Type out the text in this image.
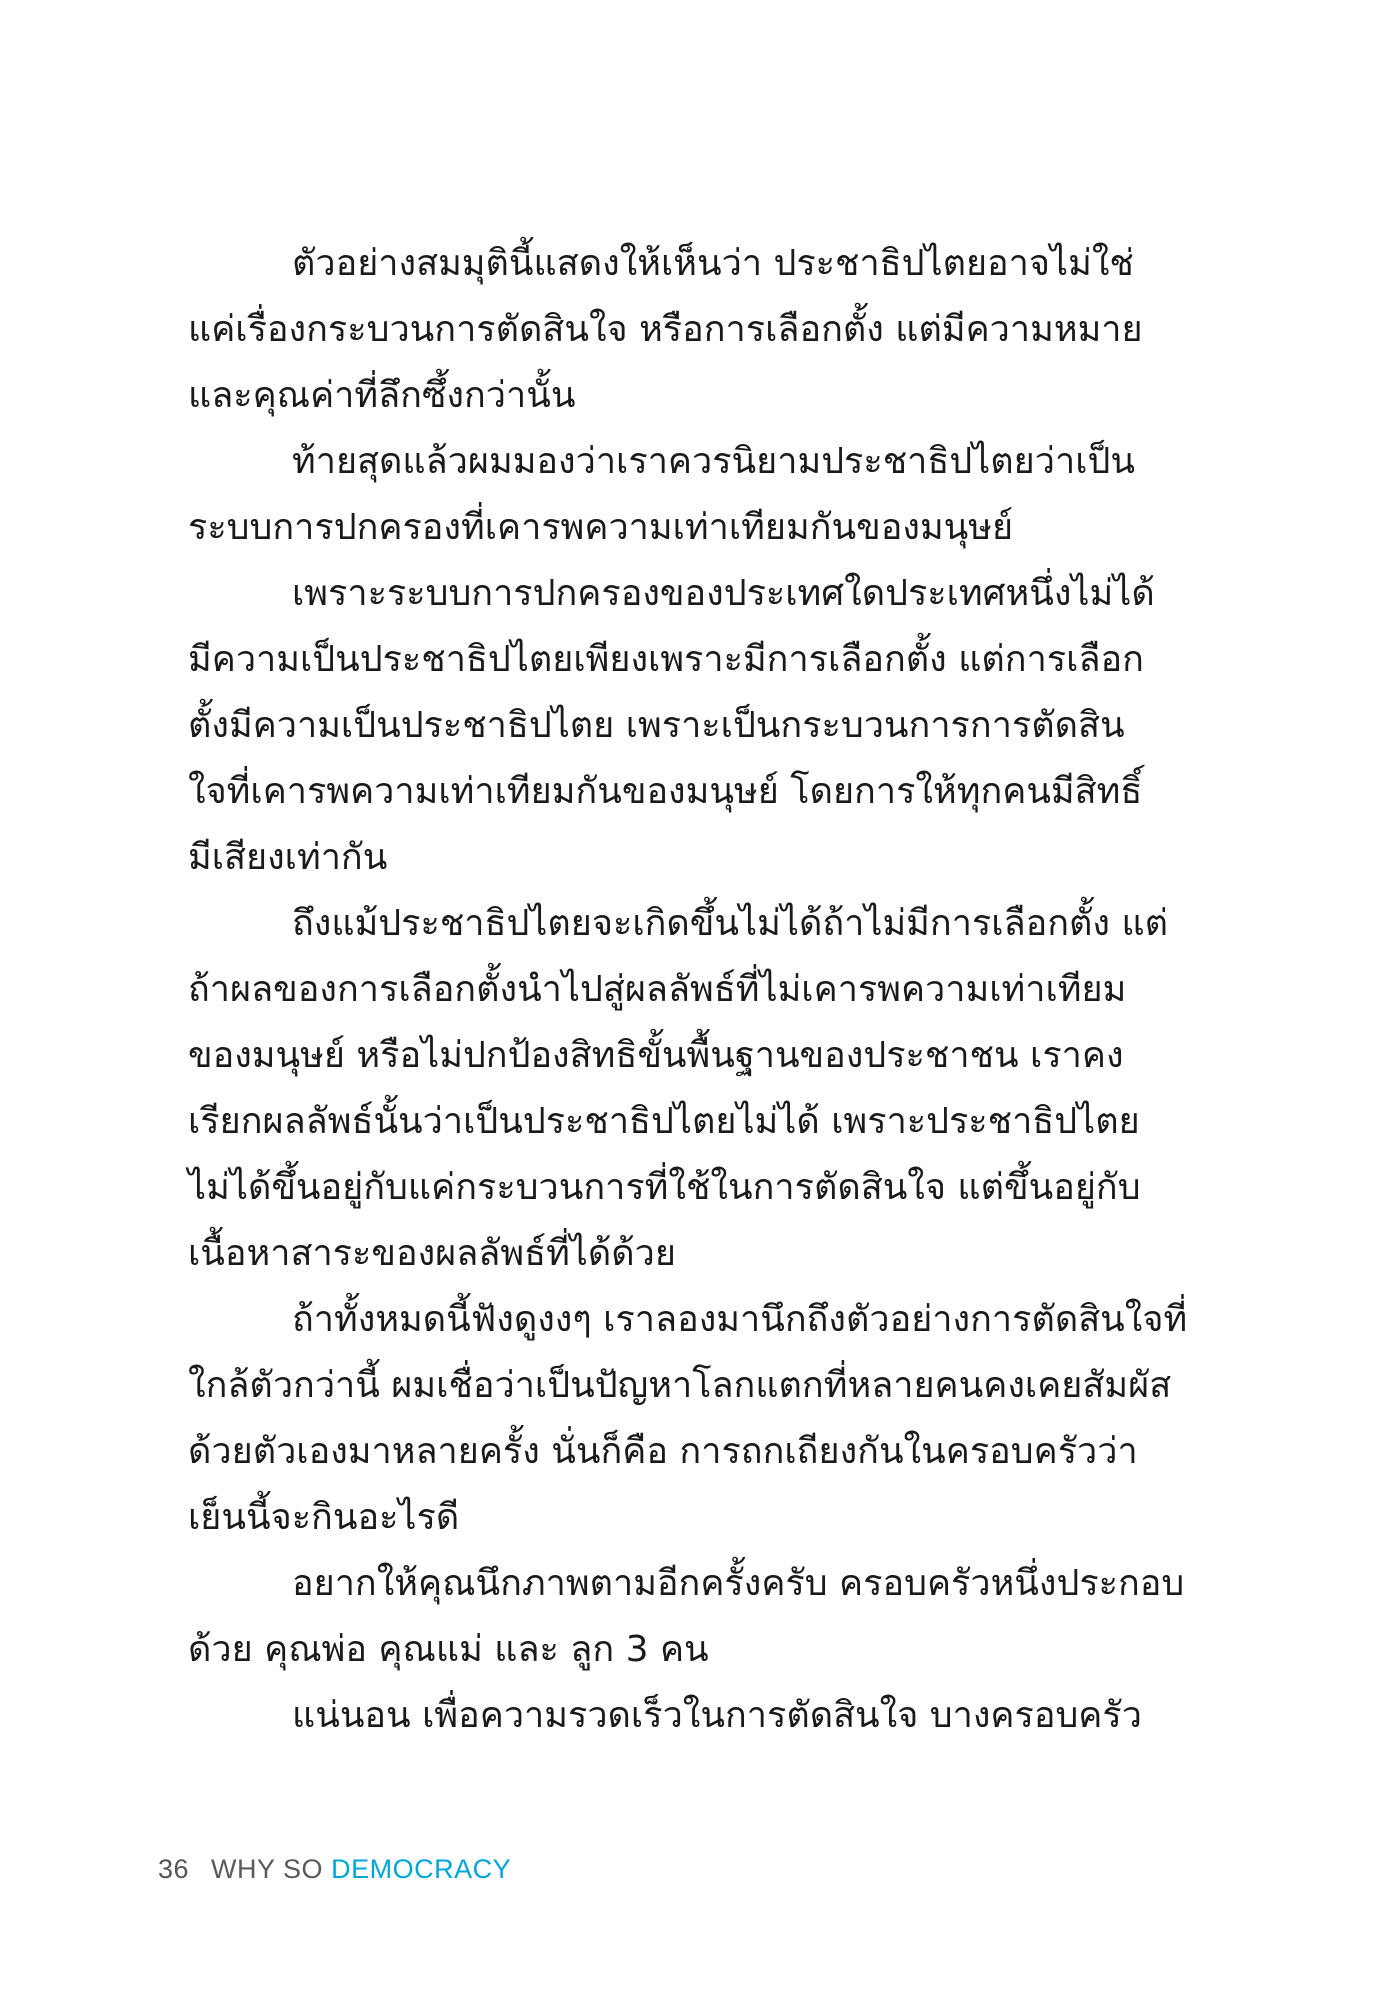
ตัวอย่างสมมุตินี้แสดงให้เห็นว่า ประชาธิปไตยอาจไม่ใช่
แค่เรื่องกระบวนการตัดสินใจ หรือการเลือกตั้ง แต่มีความหมาย
และคุณค่าที่ลึกซึ้งกว่านั้น
ท้ายสุดแล้วผมมองว่าเราควรนิยามประชาธิปไตยว่าเป็น
ระบบการปกครองที่เคารพความเท่าเทียมกันของมนุษย์
เพราะระบบการปกครองของประเทศใดประเทศหนึ่งไม่ได้
มีความเป็นประชาธิปไตยเพียงเพราะมีการเลือกตั้ง แต่การเลือก
ตั้งมีความเป็นประชาธิปไตย เพราะเป็นกระบวนการการตัดสิน
ใจที่เคารพความเท่าเทียมกันของมนุษย์ โดยการให้ทุกคนมีสิทธิ์
มีเสียงเท่ากัน
ถึงแม้ประชาธิปไตยจะเกิดขึ้นไม่ได้ถ้าไม่มีการเลือกตั้ง แต่
ถ้าผลของการเลือกตั้งนำไปสู่ผลลัพธ์ที่ไม่เคารพความเท่าเทียม
ของมนุษย์ หรือไม่ปกป้องสิทธิขั้นพื้นฐานของประชาชน เราคง
เรียกผลลัพธ์นั้นว่าเป็นประชาธิปไตยไม่ได้ เพราะประชาธิปไตย
ไม่ได้ขึ้นอยู่กับแค่กระบวนการที่ใช้ในการตัดสินใจ แต่ขึ้นอยู่กับ
เนื้อหาสาระของผลลัพธ์ที่ได้ด้วย
ถ้าทั้งหมดนี้ฟังดูงงๆ เราลองมานึกถึงตัวอย่างการตัดสินใจที่
ใกล้ตัวกว่านี้ ผมเชื่อว่าเป็นปัญหาโลกแตกที่หลายคนคงเคยสัมผัส
ด้วยตัวเองมาหลายครั้ง นั่นก็คือ การถกเถียงกันในครอบครัวว่า
เย็นนี้จะกินอะไรดี
อยากให้คุณนึกภาพตามอีกครั้งครับ ครอบครัวหนึ่งประกอบ
ด้วย คุณพ่อ คุณแม่ และ ลูก 3 คน
แน่นอน เพื่อความรวดเร็วในการตัดสินใจ บางครอบครัว
36 WHY SO DEMOCRACY
